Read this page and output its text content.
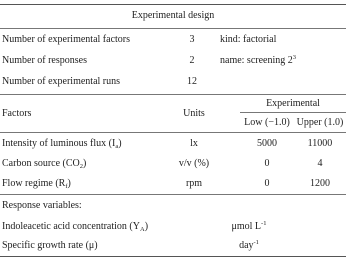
Experimental design
Number of experimental factors	3	kind: factorial
Number of responses	2	name: screening $2^3$
Number of experimental runs	12
Factors	Units
Experimental
Low (−1.0) Upper (1.0)
Intensity of luminous flux $(I_a)$	lx	5000	11000
Carbon source $(CO_2)$	v/v (%)	0	4
Flow regime $(R_f)$	rpm	0	1200
Response variables:
Indoleacetic acid concentration $(Y_A)$	μmol $L^{-1}$
Specific growth rate (μ)	day$^{-1}$
